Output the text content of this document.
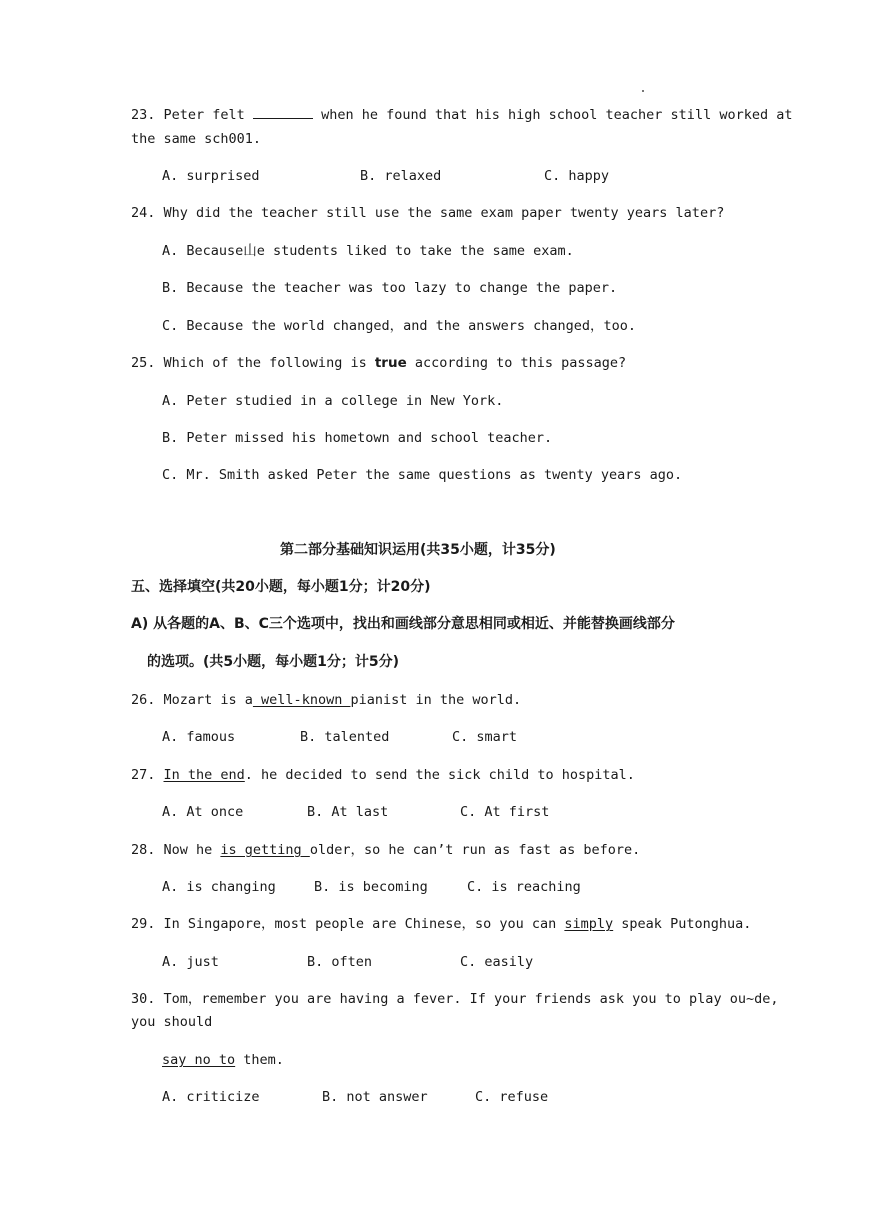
23. Peter felt	when he found that his high school teacher still worked at
the same sch001.
A. surprised	B. relaxed	C. happy
24. Why did the teacher still use the same exam paper twenty years later?
A. Because山e students liked to take the same exam.
B. Because the teacher was too lazy to change the paper.
C. Because the world changed，and the answers changed，too.
25. Which of the following is true according to this passage?
A. Peter studied in a college in New York.
B. Peter missed his hometown and school teacher.
C. Mr. Smith asked Peter the same questions as twenty years ago.
第二部分基础知识运用(共35小题，计35分)
五、选择填空(共20小题，每小题1分；计20分)
A) 从各题的A、B、C三个选项中，找出和画线部分意思相同或相近、并能替换画线部分
的选项。(共5小题，每小题1分；计5分)
26. Mozart is a well-known pianist in the world.
A. famous	B. talented	C. smart
27. In the end. he decided to send the sick child to hospital.
A. At once	B. At last	C. At first
28. Now he is getting older，so he can’t run as fast as before.
A. is changing	B. is becoming	C. is reaching
29. In Singapore，most people are Chinese，so you can simply speak Putonghua.
A. just	B. often	C. easily
30. Tom，remember you are having a fever. If your friends ask you to play ou~de,
you should
say no to them.
A. criticize	B. not answer	C. refuse
